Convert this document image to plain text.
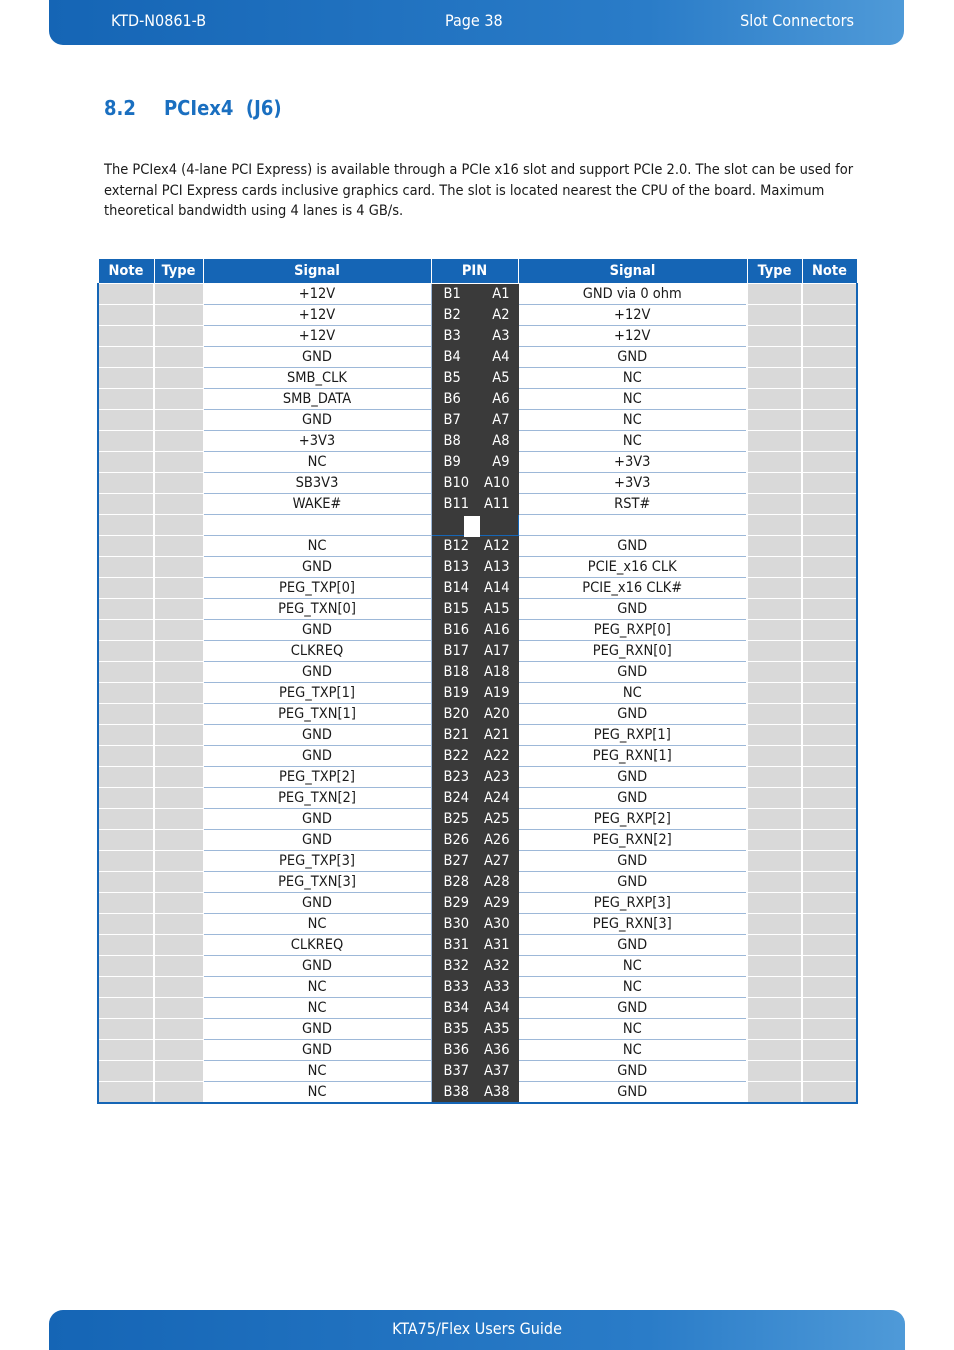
KTD-N0861-B	Page 38	Slot Connectors
8.2 PCIex4  (J6)

The PCIex4 (4-lane PCI Express) is available through a PCIe x16 slot and support PCIe 2.0. The slot can be used for external PCI Express cards inclusive graphics card. The slot is located nearest the CPU of the board. Maximum theoretical bandwidth using 4 lanes is 4 GB/s.

Note	Type	Signal	PIN	Signal	Type	Note
		+12V	B1 A1	GND via 0 ohm		
		+12V	B2 A2	+12V		
		+12V	B3 A3	+12V		
		GND	B4 A4	GND		
		SMB_CLK	B5 A5	NC		
		SMB_DATA	B6 A6	NC		
		GND	B7 A7	NC		
		+3V3	B8 A8	NC		
		NC	B9 A9	+3V3		
		SB3V3	B10 A10	+3V3		
		WAKE#	B11 A11	RST#		

		NC	B12 A12	GND		
		GND	B13 A13	PCIE_x16 CLK		
		PEG_TXP[0]	B14 A14	PCIE_x16 CLK#		
		PEG_TXN[0]	B15 A15	GND		
		GND	B16 A16	PEG_RXP[0]		
		CLKREQ	B17 A17	PEG_RXN[0]		
		GND	B18 A18	GND		
		PEG_TXP[1]	B19 A19	NC		
		PEG_TXN[1]	B20 A20	GND		
		GND	B21 A21	PEG_RXP[1]		
		GND	B22 A22	PEG_RXN[1]		
		PEG_TXP[2]	B23 A23	GND		
		PEG_TXN[2]	B24 A24	GND		
		GND	B25 A25	PEG_RXP[2]		
		GND	B26 A26	PEG_RXN[2]		
		PEG_TXP[3]	B27 A27	GND		
		PEG_TXN[3]	B28 A28	GND		
		GND	B29 A29	PEG_RXP[3]		
		NC	B30 A30	PEG_RXN[3]		
		CLKREQ	B31 A31	GND		
		GND	B32 A32	NC		
		NC	B33 A33	NC		
		NC	B34 A34	GND		
		GND	B35 A35	NC		
		GND	B36 A36	NC		
		NC	B37 A37	GND		
		NC	B38 A38	GND		
KTA75/Flex Users Guide
